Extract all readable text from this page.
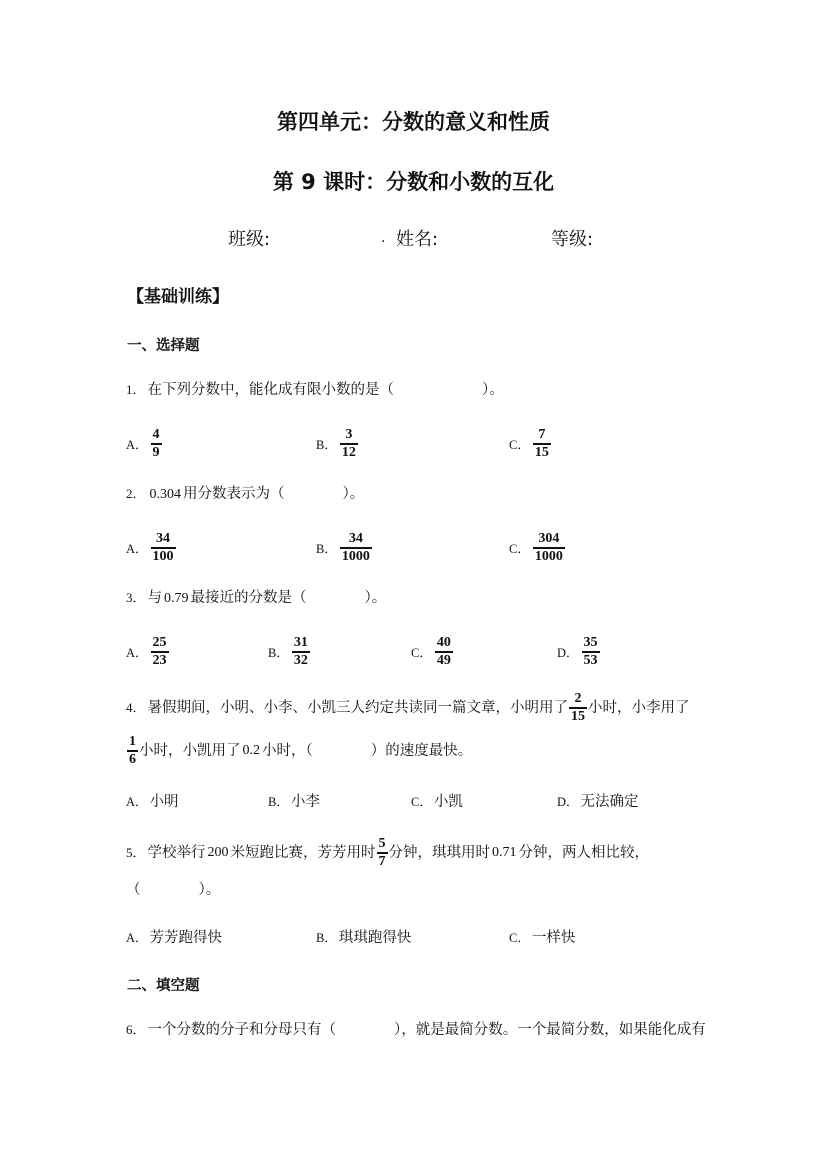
第四单元：分数的意义和性质
第 9 课时：分数和小数的互化
班级:	. 姓名:	等级:
【基础训练】
一、选择题
1． 在下列分数中，能化成有限小数的是（	）。
A． $\frac{4}{9}$	B． $\frac{3}{12}$	C． $\frac{7}{15}$
2． 0.304 用分数表示为（	）。
A． $\frac{34}{100}$	B． $\frac{34}{1000}$	C． $\frac{304}{1000}$
3． 与 0.79 最接近的分数是（	）。
A． $\frac{25}{23}$	B． $\frac{31}{32}$	C． $\frac{40}{49}$	D． $\frac{35}{53}$
4． 暑假期间，小明、小李、小凯三人约定共读同一篇文章，小明用了 $\frac{2}{15}$ 小时，小李用了
$\frac{1}{6}$ 小时，小凯用了 0.2 小时，（	）的速度最快。
A． 小明	B． 小李	C． 小凯	D． 无法确定
5． 学校举行 200 米短跑比赛，芳芳用时 $\frac{5}{7}$ 分钟，琪琪用时 0.71 分钟，两人相比较，
（	）。
A． 芳芳跑得快	B． 琪琪跑得快	C． 一样快
二、填空题
6． 一个分数的分子和分母只有（	），就是最简分数。一个最简分数，如果能化成有
